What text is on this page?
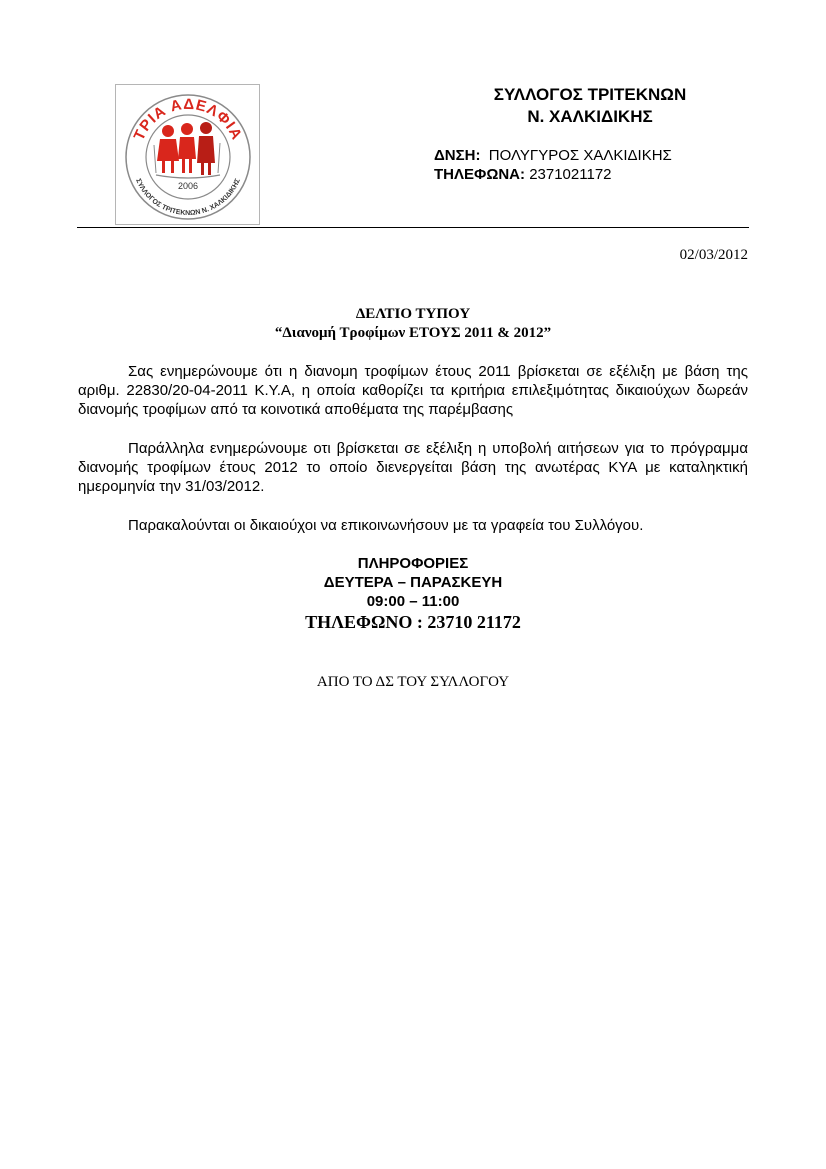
ΤΡΙΑ ΑΔΕΛΦΙΑ
ΣΥΛΛΟΓΟΣ ΤΡΙΤΕΚΝΩΝ Ν. ΧΑΛΚΙΔΙΚΗΣ
2006
ΣΥΛΛΟΓΟΣ ΤΡΙΤΕΚΝΩΝ
Ν. ΧΑΛΚΙΔΙΚΗΣ
ΔΝΣΗ: ΠΟΛΥΓΥΡΟΣ ΧΑΛΚΙΔΙΚΗΣ
ΤΗΛΕΦΩΝΑ: 2371021172
02/03/2012
ΔΕΛΤΙΟ ΤΥΠΟΥ
“Διανομή Τροφίμων ΕΤΟΥΣ 2011 & 2012”
Σας ενημερώνουμε ότι η διανομη τροφίμων έτους 2011 βρίσκεται σε εξέλιξη με βάση της αριθμ. 22830/20-04-2011 Κ.Υ.Α, η οποία καθορίζει τα κριτήρια επιλεξιμότητας δικαιούχων δωρεάν διανομής τροφίμων από τα κοινοτικά αποθέματα της παρέμβασης
Παράλληλα ενημερώνουμε οτι βρίσκεται σε εξέλιξη η υποβολή αιτήσεων για το πρόγραμμα διανομής τροφίμων έτους 2012 το οποίο διενεργείται βάση της ανωτέρας ΚΥΑ με καταληκτική ημερομηνία την 31/03/2012.
Παρακαλούνται οι δικαιούχοι να επικοινωνήσουν με τα γραφεία του Συλλόγου.
ΠΛΗΡΟΦΟΡΙΕΣ
ΔΕΥΤΕΡΑ – ΠΑΡΑΣΚΕΥΗ
09:00 – 11:00
ΤΗΛΕΦΩΝΟ : 23710 21172
ΑΠΟ ΤΟ ΔΣ ΤΟΥ ΣΥΛΛΟΓΟΥ
